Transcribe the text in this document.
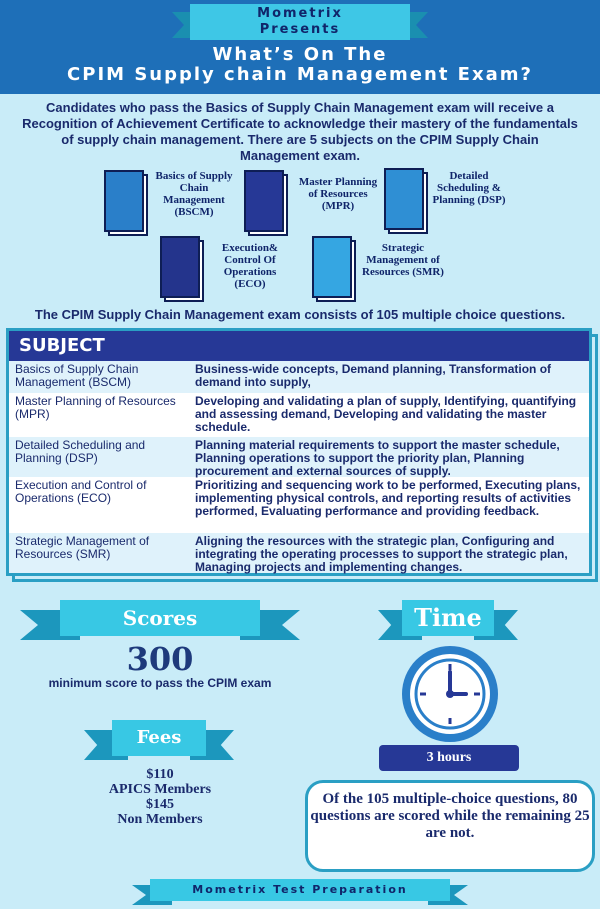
Mometrix
Presents
What’s On The
CPIM Supply chain Management Exam?
Candidates who pass the Basics of Supply Chain Management exam will receive a Recognition of Achievement Certificate to acknowledge their mastery of the fundamentals of supply chain management. There are 5 subjects on the CPIM Supply Chain Management exam.
Basics of Supply Chain Management (BSCM)
Master Planning of Resources (MPR)
Detailed Scheduling & Planning (DSP)
Execution& Control Of Operations (ECO)
Strategic Management of Resources (SMR)
The CPIM Supply Chain Management exam consists of 105 multiple choice questions.
SUBJECT
Basics of Supply Chain Management (BSCM)
Business-wide concepts, Demand planning, Transformation of demand into supply,
Master Planning of Resources (MPR)
Developing and validating a plan of supply, Identifying, quantifying and assessing demand, Developing and validating the master schedule.
Detailed Scheduling and Planning (DSP)
Planning material requirements to support the master schedule, Planning operations to support the priority plan, Planning procurement and external sources of supply.
Execution and Control of Operations (ECO)
Prioritizing and sequencing work to be performed, Executing plans, implementing physical controls, and reporting results of activities performed, Evaluating performance and providing feedback.
Strategic Management of Resources (SMR)
Aligning the resources with the strategic plan, Configuring and integrating the operating processes to support the strategic plan, Managing projects and implementing changes.
Scores
300
minimum score to pass the CPIM exam
Fees
$110
APICS Members
$145
Non Members
Time
3 hours
Of the 105 multiple-choice questions, 80 questions are scored while the remaining 25 are not.
Mometrix Test Preparation
